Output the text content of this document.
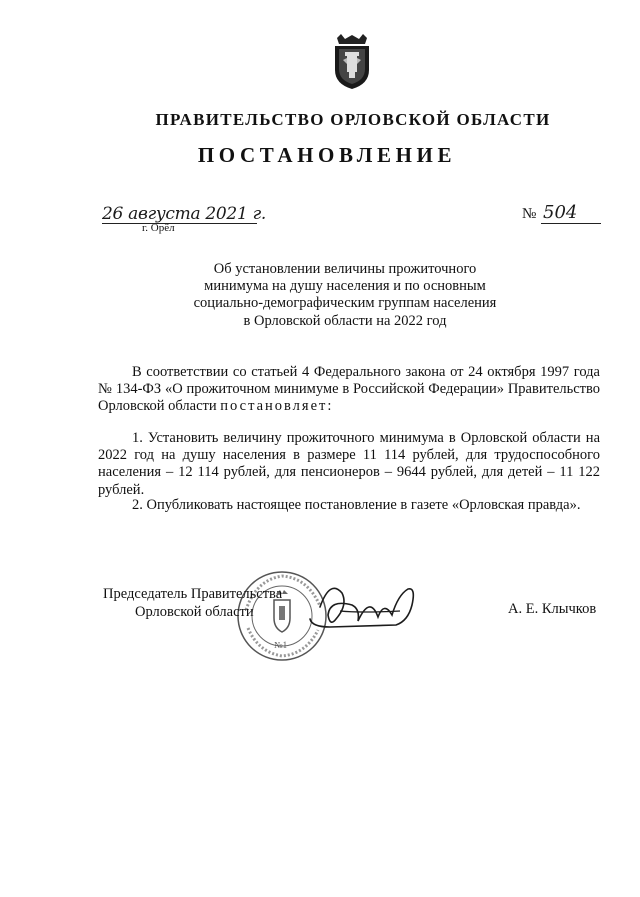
ПРАВИТЕЛЬСТВО ОРЛОВСКОЙ ОБЛАСТИ
ПОСТАНОВЛЕНИЕ
26 августа 2021 г.
г. Орёл
№ 504
Об установлении величины прожиточного
минимума на душу населения и по основным
социально-демографическим группам населения
в Орловской области на 2022 год
В соответствии со статьей 4 Федерального закона от 24 октября 1997 года № 134-ФЗ «О прожиточном минимуме в Российской Федерации» Правительство Орловской области постановляет:
1. Установить величину прожиточного минимума в Орловской области на 2022 год на душу населения в размере 11 114 рублей, для трудоспособного населения – 12 114 рублей, для пенсионеров – 9644 рублей, для детей – 11 122 рублей.
2. Опубликовать настоящее постановление в газете «Орловская правда».
№1
Председатель Правительства
Орловской области	А. Е. Клычков
